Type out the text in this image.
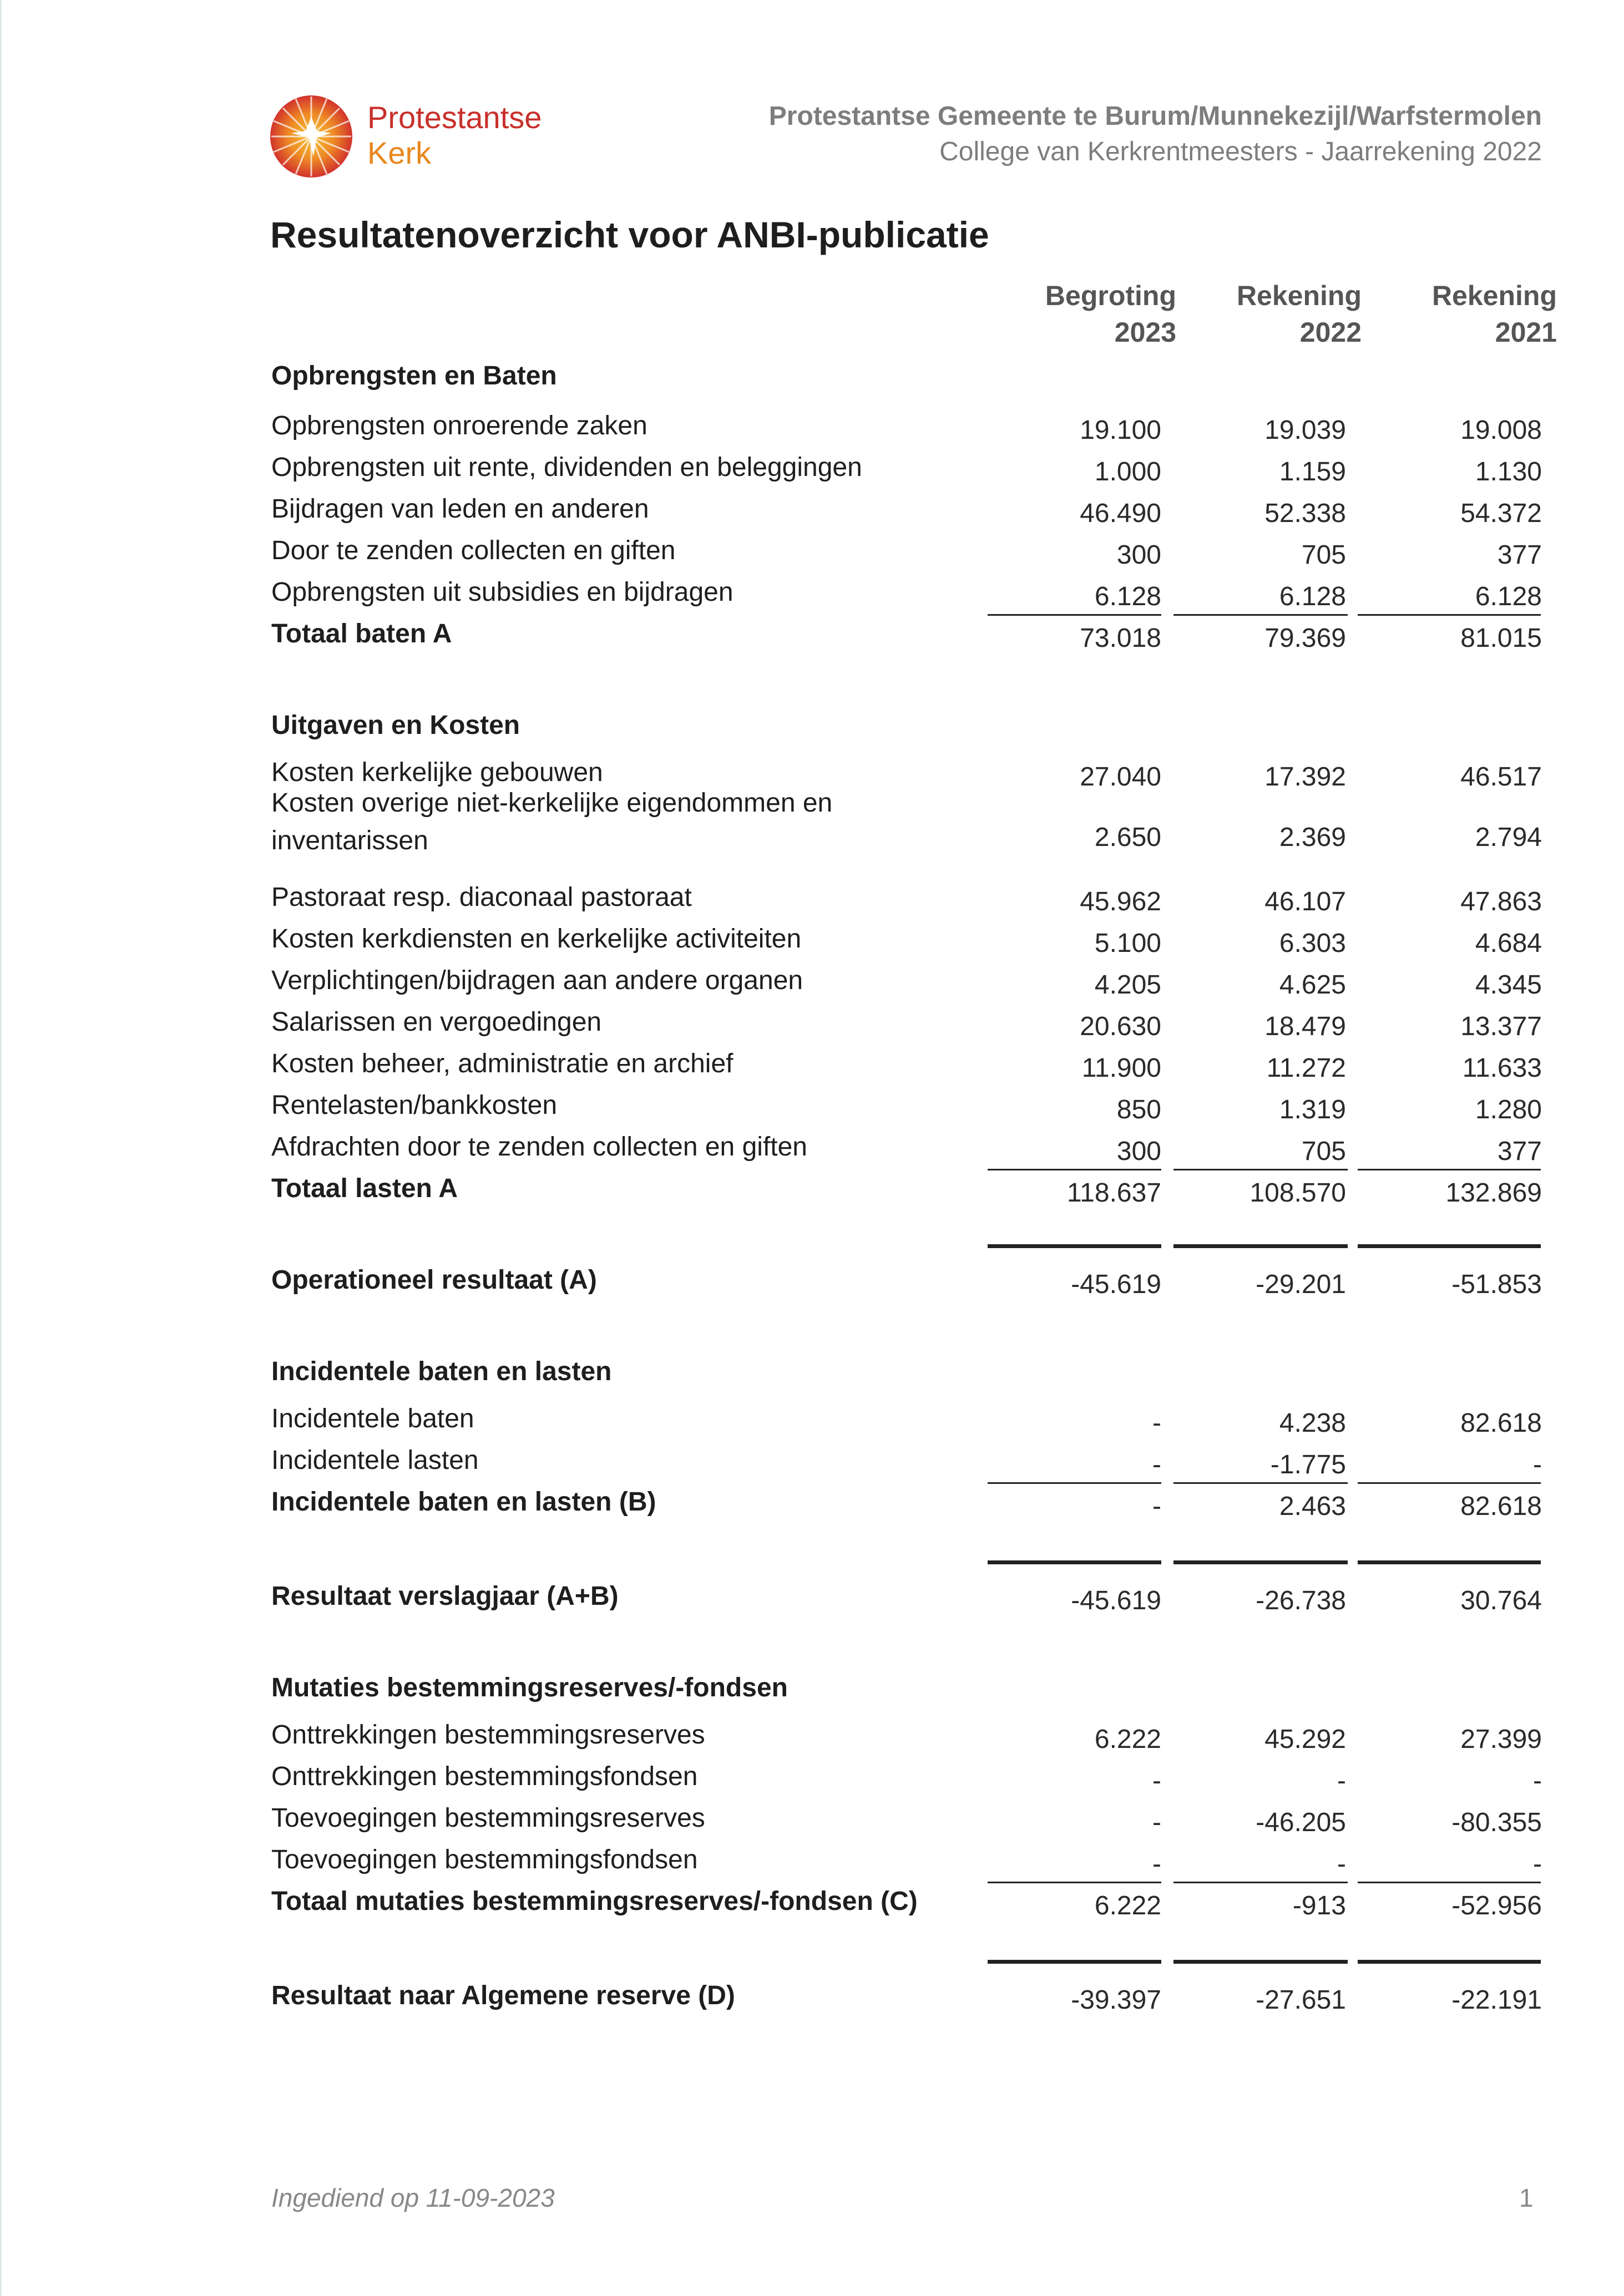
Protestantse
Kerk
Protestantse Gemeente te Burum/Munnekezijl/Warfstermolen
College van Kerkrentmeesters - Jaarrekening 2022
Resultatenoverzicht voor ANBI-publicatie
Begroting
2023
Rekening
2022
Rekening
2021
Opbrengsten en Baten
Opbrengsten onroerende zaken	19.100	19.039	19.008
Opbrengsten uit rente, dividenden en beleggingen	1.000	1.159	1.130
Bijdragen van leden en anderen	46.490	52.338	54.372
Door te zenden collecten en giften	300	705	377
Opbrengsten uit subsidies en bijdragen	6.128	6.128	6.128
Totaal baten A	73.018	79.369	81.015
Uitgaven en Kosten
Kosten kerkelijke gebouwen	27.040	17.392	46.517
Kosten overige niet-kerkelijke eigendommen en
inventarissen	2.650	2.369	2.794
Pastoraat resp. diaconaal pastoraat	45.962	46.107	47.863
Kosten kerkdiensten en kerkelijke activiteiten	5.100	6.303	4.684
Verplichtingen/bijdragen aan andere organen	4.205	4.625	4.345
Salarissen en vergoedingen	20.630	18.479	13.377
Kosten beheer, administratie en archief	11.900	11.272	11.633
Rentelasten/bankkosten	850	1.319	1.280
Afdrachten door te zenden collecten en giften	300	705	377
Totaal lasten A	118.637	108.570	132.869
Operationeel resultaat (A)	-45.619	-29.201	-51.853
Incidentele baten en lasten
Incidentele baten	-	4.238	82.618
Incidentele lasten	-	-1.775	-
Incidentele baten en lasten (B)	-	2.463	82.618
Resultaat verslagjaar (A+B)	-45.619	-26.738	30.764
Mutaties bestemmingsreserves/-fondsen
Onttrekkingen bestemmingsreserves	6.222	45.292	27.399
Onttrekkingen bestemmingsfondsen	-	-	-
Toevoegingen bestemmingsreserves	-	-46.205	-80.355
Toevoegingen bestemmingsfondsen	-	-	-
Totaal mutaties bestemmingsreserves/-fondsen (C)	6.222	-913	-52.956
Resultaat naar Algemene reserve (D)	-39.397	-27.651	-22.191
Ingediend op 11-09-2023	1
